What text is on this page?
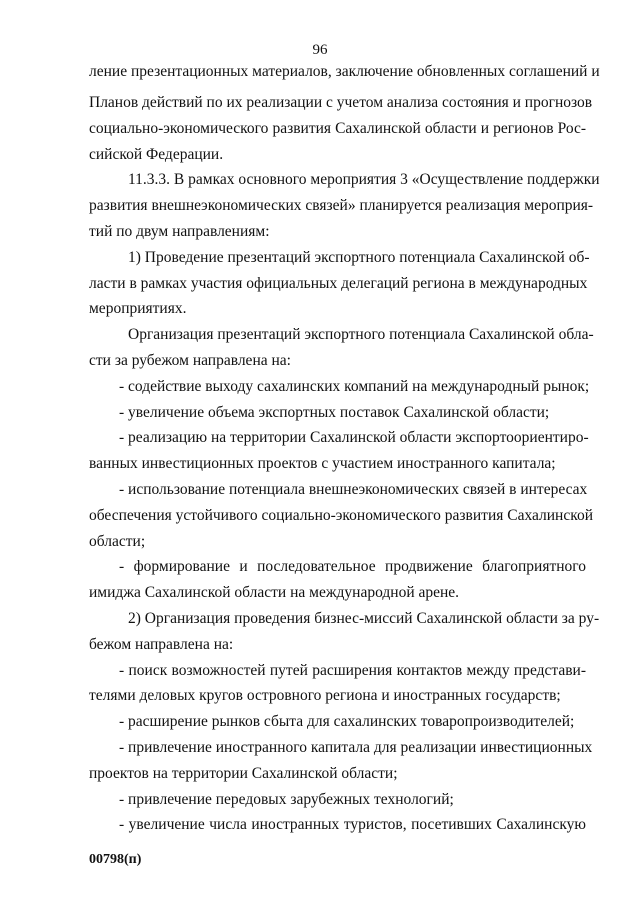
96
ление презентационных материалов, заключение обновленных соглашений и
Планов действий по их реализации с учетом анализа состояния и прогнозов
социально-экономического развития Сахалинской области и регионов Рос-
сийской Федерации.
11.3.3. В рамках основного мероприятия 3 «Осуществление поддержки
развития внешнеэкономических связей» планируется реализация мероприя-
тий по двум направлениям:
1) Проведение презентаций экспортного потенциала Сахалинской об-
ласти в рамках участия официальных делегаций региона в международных
мероприятиях.
Организация презентаций экспортного потенциала Сахалинской обла-
сти за рубежом направлена на:
- содействие выходу сахалинских компаний на международный рынок;
- увеличение объема экспортных поставок Сахалинской области;
- реализацию на территории Сахалинской области экспортоориентиро-
ванных инвестиционных проектов с участием иностранного капитала;
- использование потенциала внешнеэкономических связей в интересах
обеспечения устойчивого социально-экономического развития Сахалинской
области;
- формирование и последовательное продвижение благоприятного
имиджа Сахалинской области на международной арене.
2) Организация проведения бизнес-миссий Сахалинской области за ру-
бежом направлена на:
- поиск возможностей путей расширения контактов между представи-
телями деловых кругов островного региона и иностранных государств;
- расширение рынков сбыта для сахалинских товаропроизводителей;
- привлечение иностранного капитала для реализации инвестиционных
проектов на территории Сахалинской области;
- привлечение передовых зарубежных технологий;
- увеличение числа иностранных туристов, посетивших Сахалинскую
00798(п)
